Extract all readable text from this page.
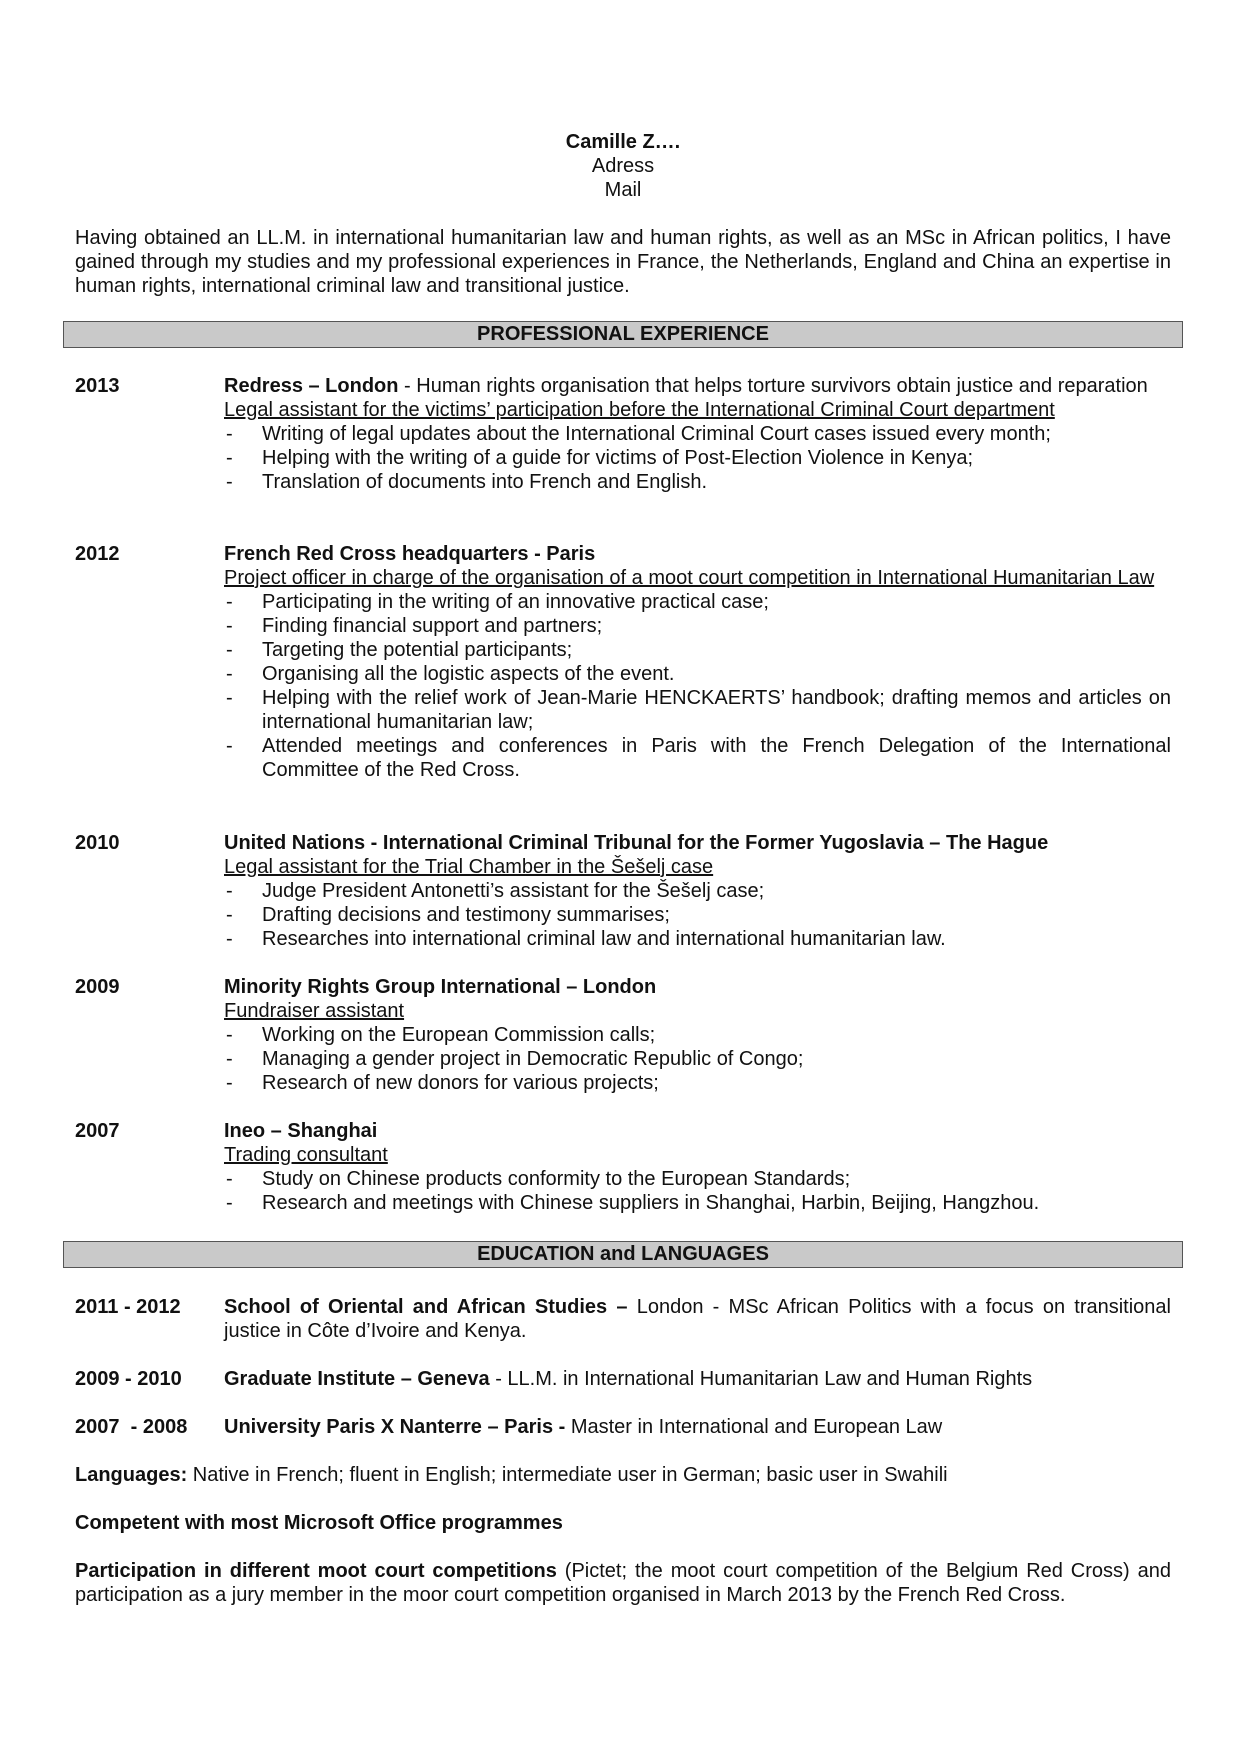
Camille Z….
Adress
Mail
Having obtained an LL.M. in international humanitarian law and human rights, as well as an MSc in African politics, I have gained through my studies and my professional experiences in France, the Netherlands, England and China an expertise in human rights, international criminal law and transitional justice.
PROFESSIONAL EXPERIENCE
2013	Redress – London - Human rights organisation that helps torture survivors obtain justice and reparation
Legal assistant for the victims’ participation before the International Criminal Court department
- Writing of legal updates about the International Criminal Court cases issued every month;
- Helping with the writing of a guide for victims of Post-Election Violence in Kenya;
- Translation of documents into French and English.
2012	French Red Cross headquarters - Paris
Project officer in charge of the organisation of a moot court competition in International Humanitarian Law
- Participating in the writing of an innovative practical case;
- Finding financial support and partners;
- Targeting the potential participants;
- Organising all the logistic aspects of the event.
- Helping with the relief work of Jean-Marie HENCKAERTS’ handbook; drafting memos and articles on international humanitarian law;
- Attended meetings and conferences in Paris with the French Delegation of the International Committee of the Red Cross.
2010	United Nations - International Criminal Tribunal for the Former Yugoslavia – The Hague
Legal assistant for the Trial Chamber in the Šešelj case
- Judge President Antonetti’s assistant for the Šešelj case;
- Drafting decisions and testimony summarises;
- Researches into international criminal law and international humanitarian law.
2009	Minority Rights Group International – London
Fundraiser assistant
- Working on the European Commission calls;
- Managing a gender project in Democratic Republic of Congo;
- Research of new donors for various projects;
2007	Ineo – Shanghai
Trading consultant
- Study on Chinese products conformity to the European Standards;
- Research and meetings with Chinese suppliers in Shanghai, Harbin, Beijing, Hangzhou.
EDUCATION and LANGUAGES
2011 - 2012 School of Oriental and African Studies – London - MSc African Politics with a focus on transitional justice in Côte d’Ivoire and Kenya.
2009 - 2010 Graduate Institute – Geneva - LL.M. in International Humanitarian Law and Human Rights
2007  - 2008 University Paris X Nanterre – Paris - Master in International and European Law
Languages: Native in French; fluent in English; intermediate user in German; basic user in Swahili
Competent with most Microsoft Office programmes
Participation in different moot court competitions (Pictet; the moot court competition of the Belgium Red Cross) and participation as a jury member in the moor court competition organised in March 2013 by the French Red Cross.
